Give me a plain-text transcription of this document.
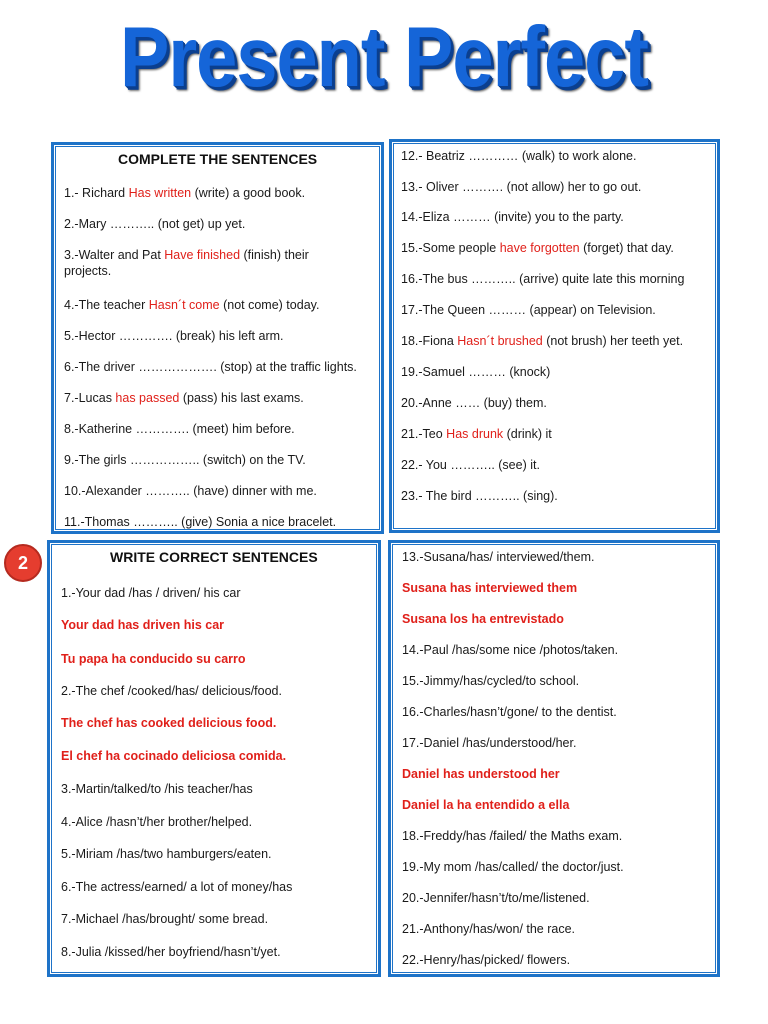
Present Perfect
COMPLETE THE SENTENCES
WRITE CORRECT SENTENCES
2
1.- Richard Has written (write) a good book.
2.-Mary ……….. (not get) up yet.
3.-Walter and Pat Have finished (finish) their projects.
4.-The teacher Hasn´t come (not come) today.
5.-Hector …………. (break) his left arm.
6.-The driver ………………. (stop) at the traffic lights.
7.-Lucas has passed (pass) his last exams.
8.-Katherine …………. (meet) him before.
9.-The girls …………….. (switch) on the TV.
10.-Alexander ……….. (have) dinner with me.
11.-Thomas ……….. (give) Sonia a nice bracelet.
12.- Beatriz ………… (walk) to work alone.
13.- Oliver ………. (not allow) her to go out.
14.-Eliza ……… (invite) you to the party.
15.-Some people have forgotten (forget) that day.
16.-The bus ……….. (arrive) quite late this morning
17.-The Queen ……… (appear) on Television.
18.-Fiona Hasn´t brushed (not brush) her teeth yet.
19.-Samuel ……… (knock)
20.-Anne …… (buy) them.
21.-Teo Has drunk (drink) it
22.- You ……….. (see) it.
23.- The bird ……….. (sing).
1.-Your dad /has / driven/ his car
Your dad has driven his car
Tu papa ha conducido su carro
2.-The chef /cooked/has/ delicious/food.
The chef has cooked delicious food.
El chef ha cocinado deliciosa comida.
3.-Martin/talked/to /his teacher/has
4.-Alice /hasn’t/her brother/helped.
5.-Miriam /has/two hamburgers/eaten.
6.-The actress/earned/ a lot of money/has
7.-Michael /has/brought/ some bread.
8.-Julia /kissed/her boyfriend/hasn’t/yet.
13.-Susana/has/ interviewed/them.
Susana has interviewed them
Susana los ha entrevistado
14.-Paul /has/some nice /photos/taken.
15.-Jimmy/has/cycled/to school.
16.-Charles/hasn’t/gone/ to the dentist.
17.-Daniel /has/understood/her.
Daniel has understood her
Daniel la ha entendido a ella
18.-Freddy/has /failed/ the Maths exam.
19.-My mom /has/called/ the doctor/just.
20.-Jennifer/hasn’t/to/me/listened.
21.-Anthony/has/won/ the race.
22.-Henry/has/picked/ flowers.
